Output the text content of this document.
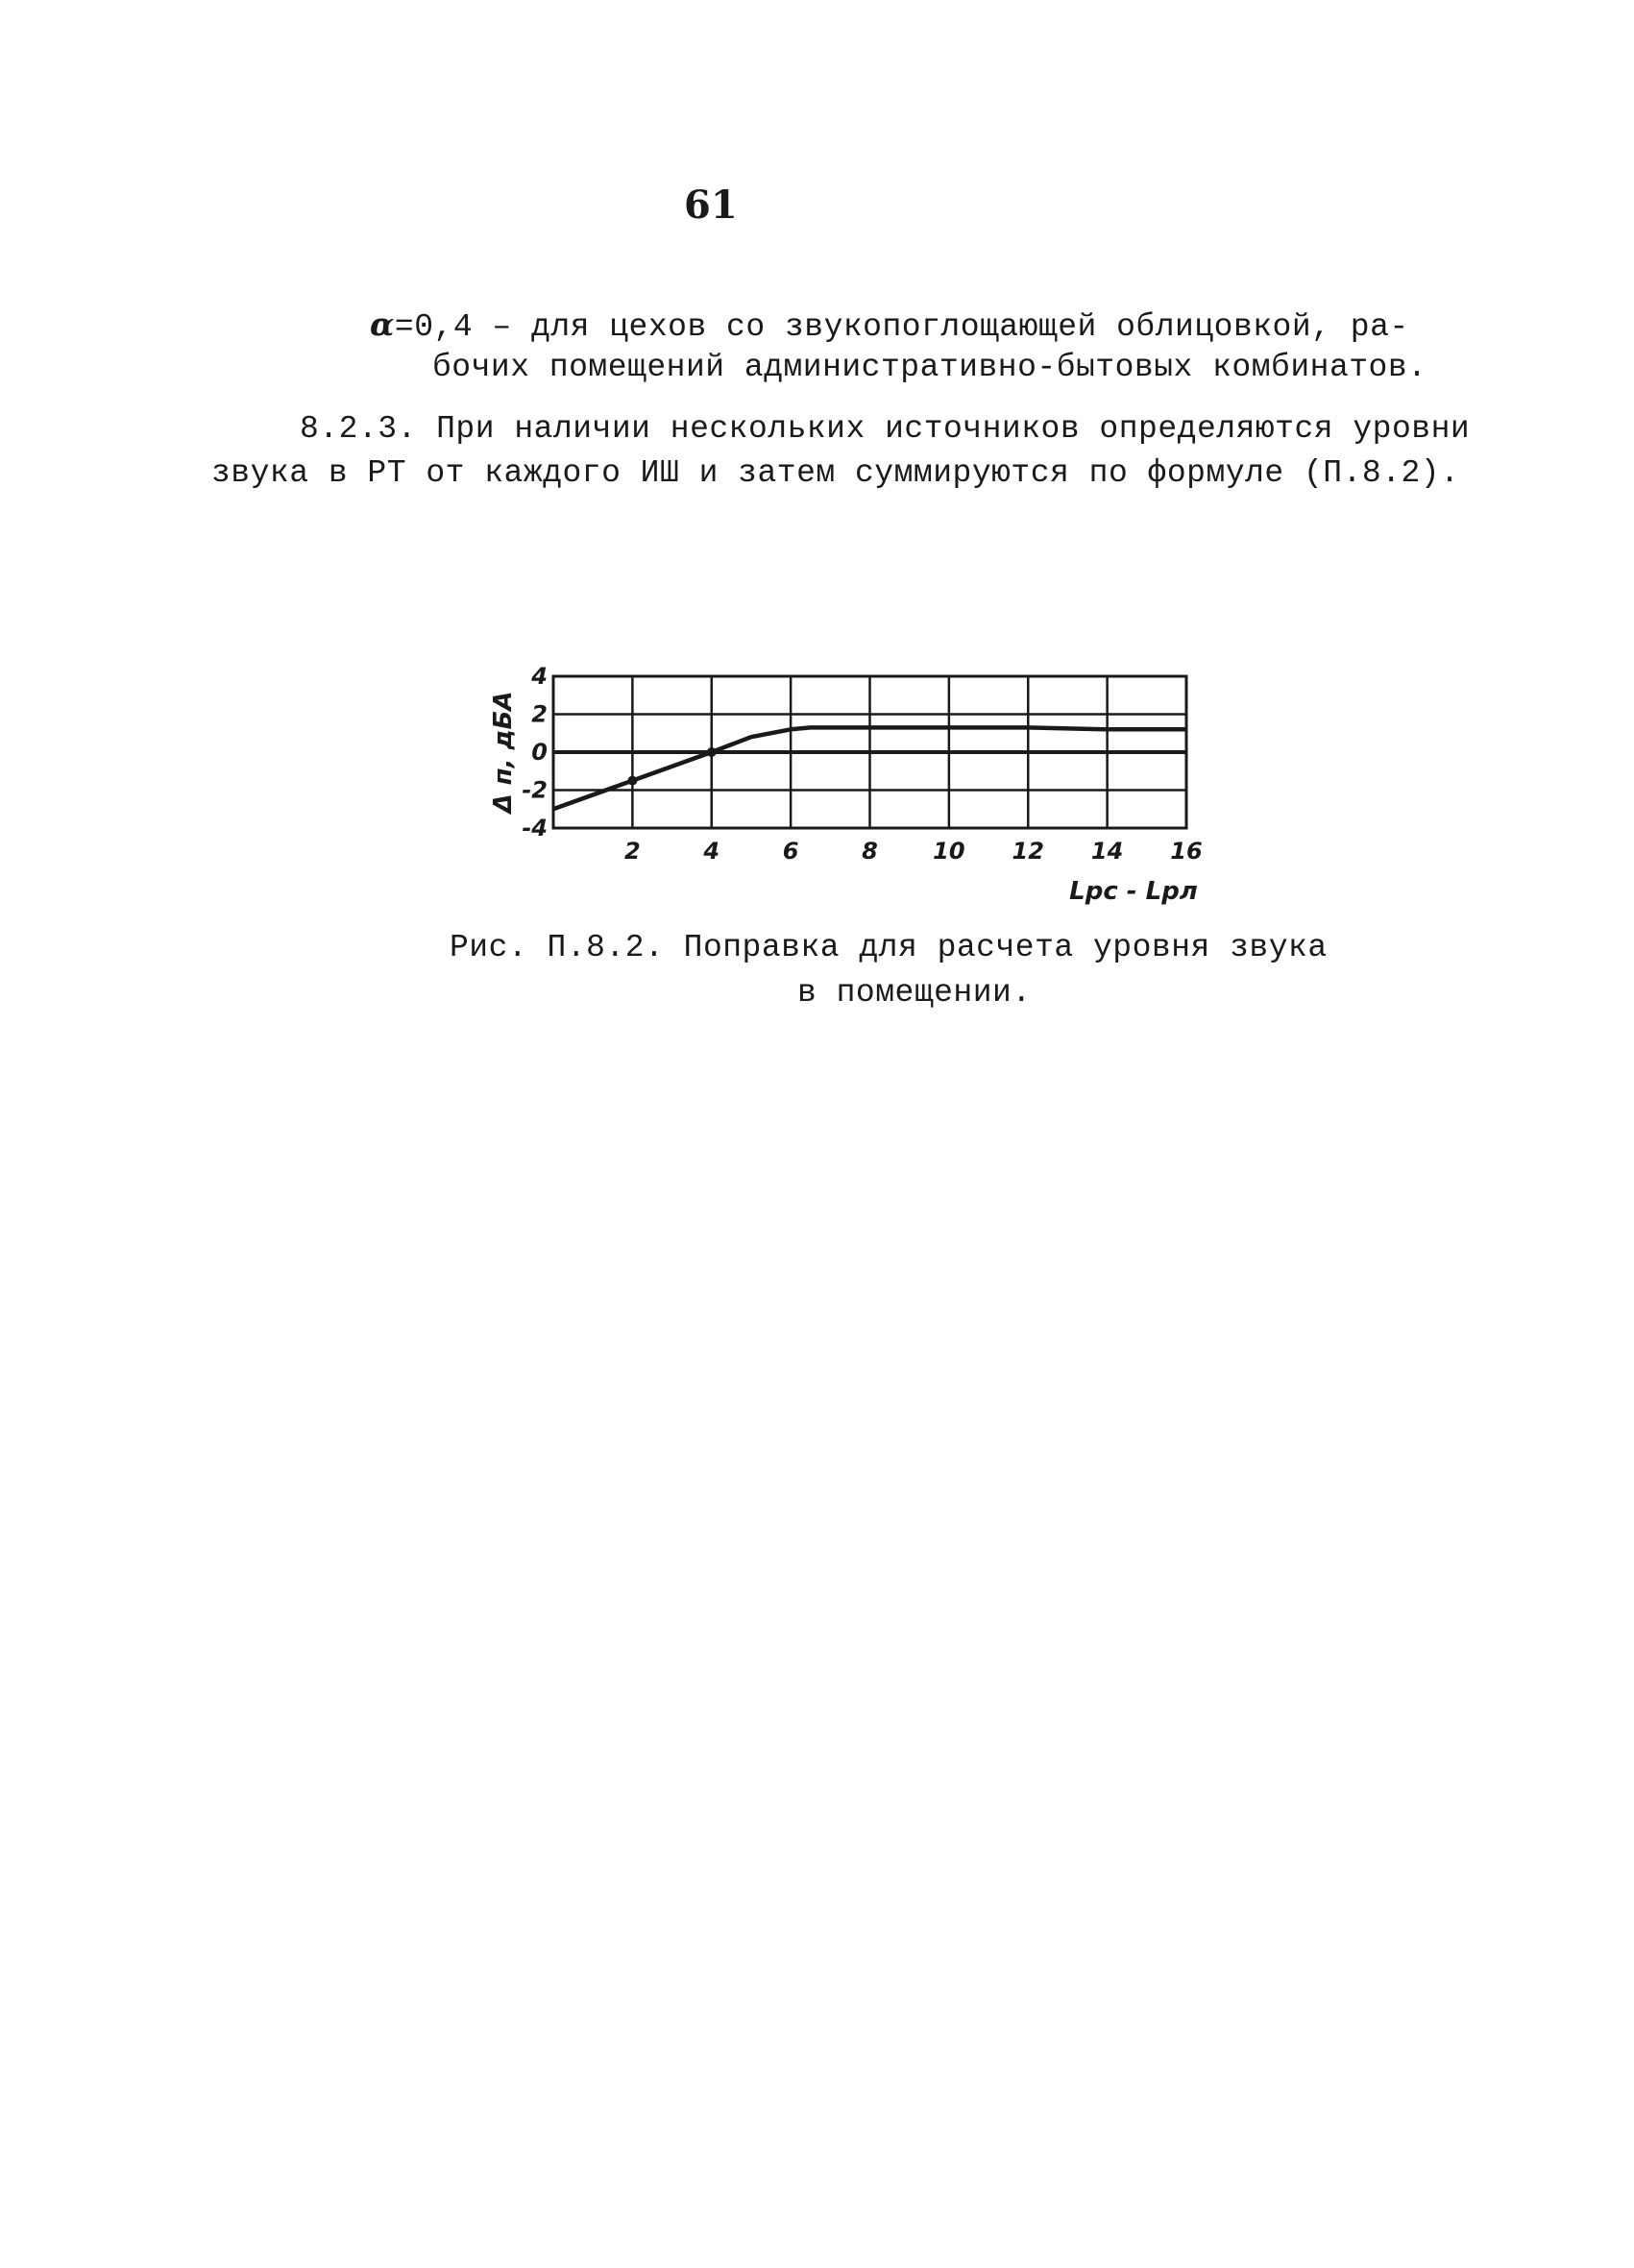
61
α=0,4 – для цехов со звукопоглощающей облицовкой, ра-
бочих помещений административно-бытовых комбинатов.
8.2.3. При наличии нескольких источников определяются уровни
звука в РТ от каждого ИШ и затем суммируются по формуле (П.8.2).
2	4	6	8 10 12 14 16
4
2
0
-2
-4
Δ п, дБА
Lрс - Lрл
Рис. П.8.2. Поправка для расчета уровня звука
в помещении.
